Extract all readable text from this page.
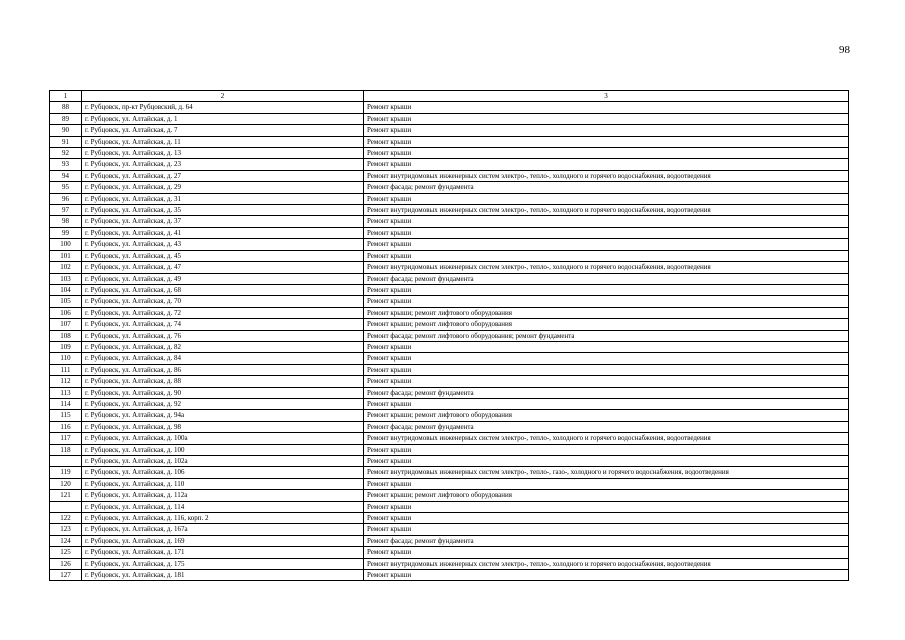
98
1	2	3
88	г. Рубцовск, пр-кт Рубцовский, д. 64	Ремонт крыши
89	г. Рубцовск, ул. Алтайская, д. 1	Ремонт крыши
90	г. Рубцовск, ул. Алтайская, д. 7	Ремонт крыши
91	г. Рубцовск, ул. Алтайская, д. 11	Ремонт крыши
92	г. Рубцовск, ул. Алтайская, д. 13	Ремонт крыши
93	г. Рубцовск, ул. Алтайская, д. 23	Ремонт крыши
94	г. Рубцовск, ул. Алтайская, д. 27	Ремонт внутридомовых инженерных систем электро-, тепло-, холодного и горячего водоснабжения, водоотведения
95	г. Рубцовск, ул. Алтайская, д. 29	Ремонт фасада; ремонт фундамента
96	г. Рубцовск, ул. Алтайская, д. 31	Ремонт крыши
97	г. Рубцовск, ул. Алтайская, д. 35	Ремонт внутридомовых инженерных систем электро-, тепло-, холодного и горячего водоснабжения, водоотведения
98	г. Рубцовск, ул. Алтайская, д. 37	Ремонт крыши
99	г. Рубцовск, ул. Алтайская, д. 41	Ремонт крыши
100	г. Рубцовск, ул. Алтайская, д. 43	Ремонт крыши
101	г. Рубцовск, ул. Алтайская, д. 45	Ремонт крыши
102	г. Рубцовск, ул. Алтайская, д. 47	Ремонт внутридомовых инженерных систем электро-, тепло-, холодного и горячего водоснабжения, водоотведения
103	г. Рубцовск, ул. Алтайская, д. 49	Ремонт фасада; ремонт фундамента
104	г. Рубцовск, ул. Алтайская, д. 68	Ремонт крыши
105	г. Рубцовск, ул. Алтайская, д. 70	Ремонт крыши
106	г. Рубцовск, ул. Алтайская, д. 72	Ремонт крыши; ремонт лифтового оборудования
107	г. Рубцовск, ул. Алтайская, д. 74	Ремонт крыши; ремонт лифтового оборудования
108	г. Рубцовск, ул. Алтайская, д. 76	Ремонт фасада; ремонт лифтового оборудования; ремонт фундамента
109	г. Рубцовск, ул. Алтайская, д. 82	Ремонт крыши
110	г. Рубцовск, ул. Алтайская, д. 84	Ремонт крыши
111	г. Рубцовск, ул. Алтайская, д. 86	Ремонт крыши
112	г. Рубцовск, ул. Алтайская, д. 88	Ремонт крыши
113	г. Рубцовск, ул. Алтайская, д. 90	Ремонт фасада; ремонт фундамента
114	г. Рубцовск, ул. Алтайская, д. 92	Ремонт крыши
115	г. Рубцовск, ул. Алтайская, д. 94а	Ремонт крыши; ремонт лифтового оборудования
116	г. Рубцовск, ул. Алтайская, д. 98	Ремонт фасада; ремонт фундамента
117	г. Рубцовск, ул. Алтайская, д. 100а	Ремонт внутридомовых инженерных систем электро-, тепло-, холодного и горячего водоснабжения, водоотведения
118	г. Рубцовск, ул. Алтайская, д. 100	Ремонт крыши
	г. Рубцовск, ул. Алтайская, д. 102а	Ремонт крыши
119	г. Рубцовск, ул. Алтайская, д. 106	Ремонт внутридомовых инженерных систем электро-, тепло-, газо-, холодного и горячего водоснабжения, водоотведения
120	г. Рубцовск, ул. Алтайская, д. 110	Ремонт крыши
121	г. Рубцовск, ул. Алтайская, д. 112а	Ремонт крыши; ремонт лифтового оборудования
	г. Рубцовск, ул. Алтайская, д. 114	Ремонт крыши
122	г. Рубцовск, ул. Алтайская, д. 116, корп. 2	Ремонт крыши
123	г. Рубцовск, ул. Алтайская, д. 167а	Ремонт крыши
124	г. Рубцовск, ул. Алтайская, д. 169	Ремонт фасада; ремонт фундамента
125	г. Рубцовск, ул. Алтайская, д. 171	Ремонт крыши
126	г. Рубцовск, ул. Алтайская, д. 175	Ремонт внутридомовых инженерных систем электро-, тепло-, холодного и горячего водоснабжения, водоотведения
127	г. Рубцовск, ул. Алтайская, д. 181	Ремонт крыши
